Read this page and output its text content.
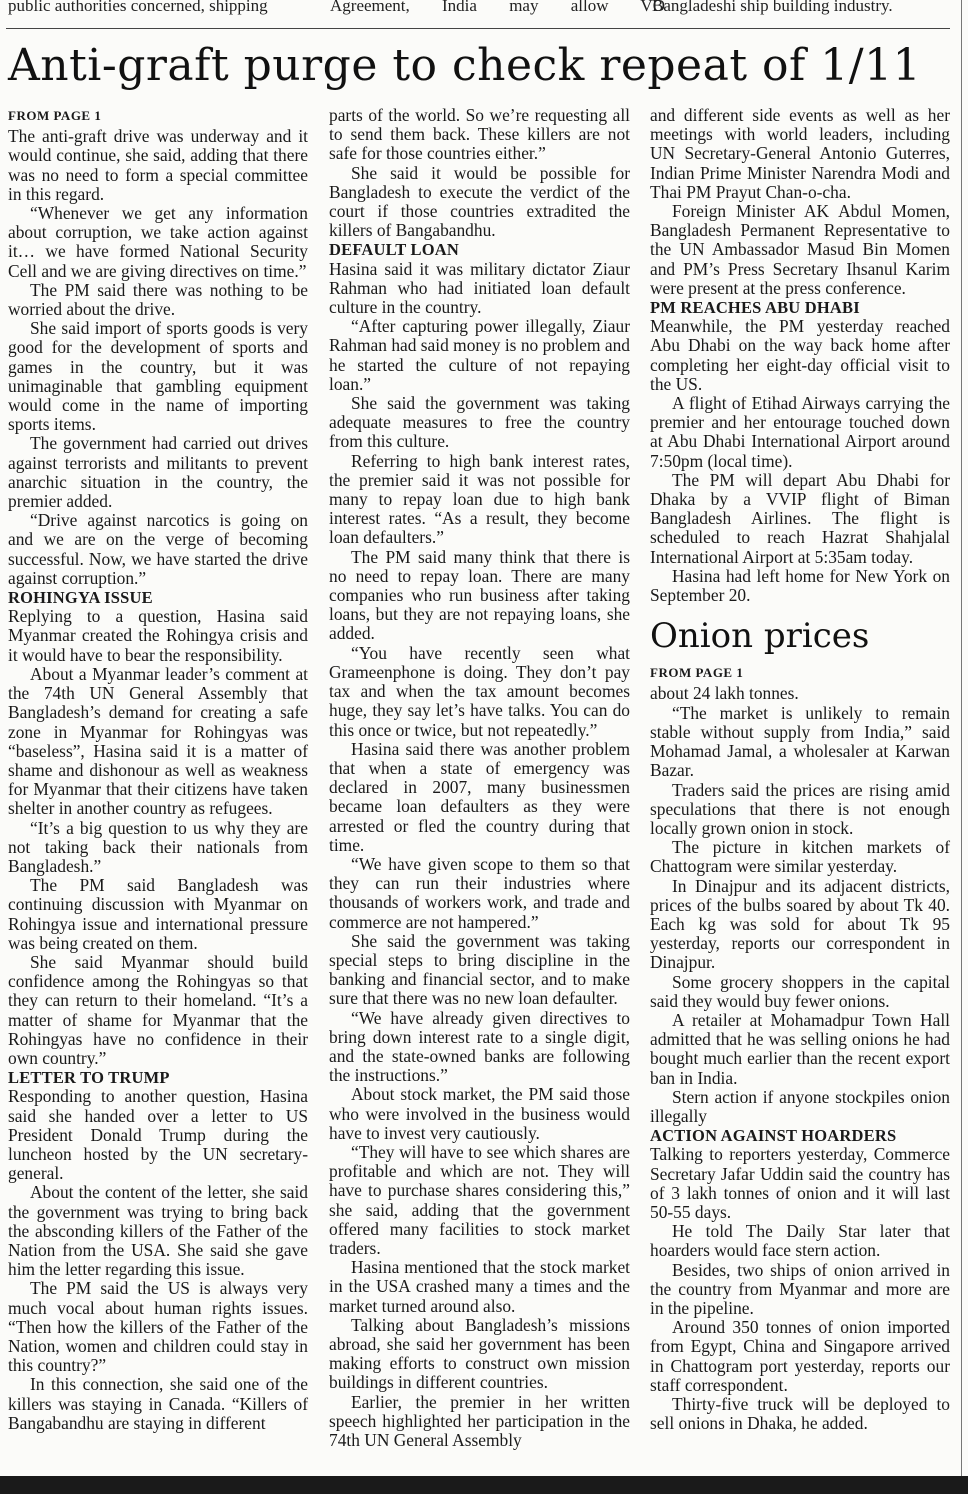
public authorities concerned, shipping	Agreement, India may allow VO
Bangladeshi ship building industry.
Anti-graft purge to check repeat of 1/11

FROM PAGE 1

The anti-graft drive was underway and it would continue, she said, adding that there was no need to form a special committee in this regard.

“Whenever we get any information about corruption, we take action against it… we have formed National Security Cell and we are giving directives on time.”

The PM said there was nothing to be worried about the drive.

She said import of sports goods is very good for the development of sports and games in the country, but it was unimaginable that gambling equipment would come in the name of importing sports items.

The government had carried out drives against terrorists and militants to prevent anarchic situation in the country, the premier added.

“Drive against narcotics is going on and we are on the verge of becoming successful. Now, we have started the drive against corruption.”

ROHINGYA ISSUE

Replying to a question, Hasina said Myanmar created the Rohingya crisis and it would have to bear the responsibility.

About a Myanmar leader’s comment at the 74th UN General Assembly that Bangladesh’s demand for creating a safe zone in Myanmar for Rohingyas was “baseless”, Hasina said it is a matter of shame and dishonour as well as weakness for Myanmar that their citizens have taken shelter in another country as refugees.

“It’s a big question to us why they are not taking back their nationals from Bangladesh.”

The PM said Bangladesh was continuing discussion with Myanmar on Rohingya issue and international pressure was being created on them.

She said Myanmar should build confidence among the Rohingyas so that they can return to their homeland. “It’s a matter of shame for Myanmar that the Rohingyas have no confidence in their own country.”

LETTER TO TRUMP

Responding to another question, Hasina said she handed over a letter to US President Donald Trump during the luncheon hosted by the UN secretary-general.

About the content of the letter, she said the government was trying to bring back the absconding killers of the Father of the Nation from the USA. She said she gave him the letter regarding this issue.

The PM said the US is always very much vocal about human rights issues. “Then how the killers of the Father of the Nation, women and children could stay in this country?”

In this connection, she said one of the killers was staying in Canada. “Killers of Bangabandhu are staying in different

parts of the world. So we’re requesting all to send them back. These killers are not safe for those countries either.”

She said it would be possible for Bangladesh to execute the verdict of the court if those countries extradited the killers of Bangabandhu.

DEFAULT LOAN

Hasina said it was military dictator Ziaur Rahman who had initiated loan default culture in the country.

“After capturing power illegally, Ziaur Rahman had said money is no problem and he started the culture of not repaying loan.”

She said the government was taking adequate measures to free the country from this culture.

Referring to high bank interest rates, the premier said it was not possible for many to repay loan due to high bank interest rates. “As a result, they become loan defaulters.”

The PM said many think that there is no need to repay loan. There are many companies who run business after taking loans, but they are not repaying loans, she added.

“You have recently seen what Grameenphone is doing. They don’t pay tax and when the tax amount becomes huge, they say let’s have talks. You can do this once or twice, but not repeatedly.”

Hasina said there was another problem that when a state of emergency was declared in 2007, many businessmen became loan defaulters as they were arrested or fled the country during that time.

“We have given scope to them so that they can run their industries where thousands of workers work, and trade and commerce are not hampered.”

She said the government was taking special steps to bring discipline in the banking and financial sector, and to make sure that there was no new loan defaulter.

“We have already given directives to bring down interest rate to a single digit, and the state-owned banks are following the instructions.”

About stock market, the PM said those who were involved in the business would have to invest very cautiously.

“They will have to see which shares are profitable and which are not. They will have to purchase shares considering this,” she said, adding that the government offered many facilities to stock market traders.

Hasina mentioned that the stock market in the USA crashed many a times and the market turned around also.

Talking about Bangladesh’s missions abroad, she said her government has been making efforts to construct own mission buildings in different countries.

Earlier, the premier in her written speech highlighted her participation in the 74th UN General Assembly

and different side events as well as her meetings with world leaders, including UN Secretary-General Antonio Guterres, Indian Prime Minister Narendra Modi and Thai PM Prayut Chan-o-cha.

Foreign Minister AK Abdul Momen, Bangladesh Permanent Representative to the UN Ambassador Masud Bin Momen and PM’s Press Secretary Ihsanul Karim were present at the press conference.

PM REACHES ABU DHABI

Meanwhile, the PM yesterday reached Abu Dhabi on the way back home after completing her eight-day official visit to the US.

A flight of Etihad Airways carrying the premier and her entourage touched down at Abu Dhabi International Airport around 7:50pm (local time).

The PM will depart Abu Dhabi for Dhaka by a VVIP flight of Biman Bangladesh Airlines. The flight is scheduled to reach Hazrat Shahjalal International Airport at 5:35am today.

Hasina had left home for New York on September 20.

Onion prices

FROM PAGE 1

about 24 lakh tonnes.

“The market is unlikely to remain stable without supply from India,” said Mohamad Jamal, a wholesaler at Karwan Bazar.

Traders said the prices are rising amid speculations that there is not enough locally grown onion in stock.

The picture in kitchen markets of Chattogram were similar yesterday.

In Dinajpur and its adjacent districts, prices of the bulbs soared by about Tk 40. Each kg was sold for about Tk 95 yesterday, reports our correspondent in Dinajpur.

Some grocery shoppers in the capital said they would buy fewer onions.

A retailer at Mohamadpur Town Hall admitted that he was selling onions he had bought much earlier than the recent export ban in India.

Stern action if anyone stockpiles onion illegally

ACTION AGAINST HOARDERS

Talking to reporters yesterday, Commerce Secretary Jafar Uddin said the country has of 3 lakh tonnes of onion and it will last 50-55 days.

He told The Daily Star later that hoarders would face stern action.

Besides, two ships of onion arrived in the country from Myanmar and more are in the pipeline.

Around 350 tonnes of onion imported from Egypt, China and Singapore arrived in Chattogram port yesterday, reports our staff correspondent.

Thirty-five truck will be deployed to sell onions in Dhaka, he added.
